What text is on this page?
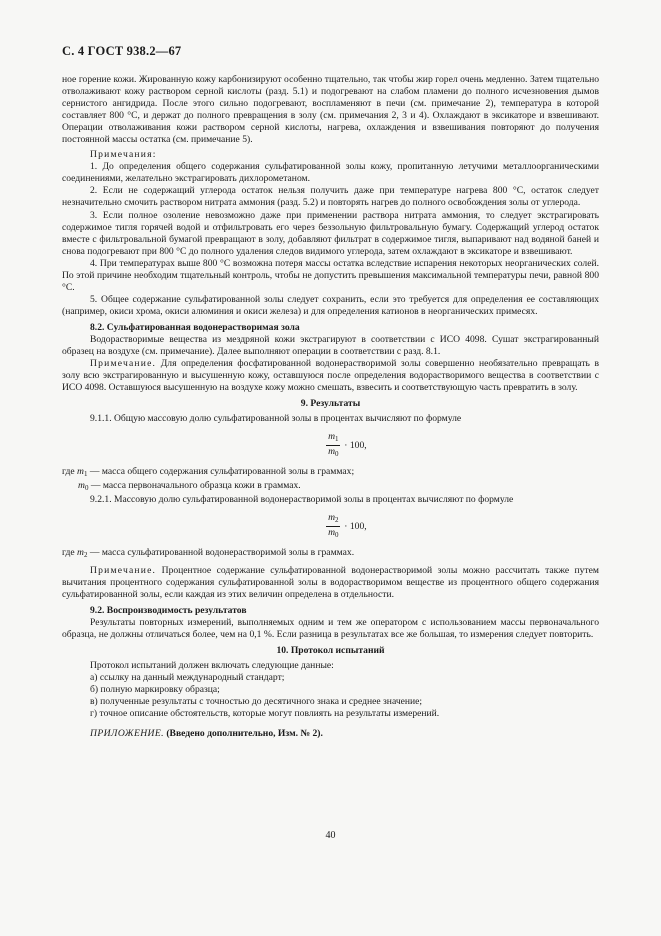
С. 4 ГОСТ 938.2—67

ное горение кожи. Жированную кожу карбонизируют особенно тщательно, так чтобы жир горел очень медленно. Затем тщательно отволаживают кожу раствором серной кислоты (разд. 5.1) и подогревают на слабом пламени до полного исчезновения дымов сернистого ангидрида. После этого сильно подогревают, воспламеняют в печи (см. примечание 2), температура в которой составляет 800 °С, и держат до полного превращения в золу (см. примечания 2, 3 и 4). Охлаждают в эксикаторе и взвешивают. Операции отволаживания кожи раствором серной кислоты, нагрева, охлаждения и взвешивания повторяют до получения постоянной массы остатка (см. примечание 5).

Примечания:

1. До определения общего содержания сульфатированной золы кожу, пропитанную летучими металлоорганическими соединениями, желательно экстрагировать дихлорометаном.

2. Если не содержащий углерода остаток нельзя получить даже при температуре нагрева 800 °С, остаток следует незначительно смочить раствором нитрата аммония (разд. 5.2) и повторять нагрев до полного освобождения золы от углерода.

3. Если полное озоление невозможно даже при применении раствора нитрата аммония, то следует экстрагировать содержимое тигля горячей водой и отфильтровать его через беззольную фильтровальную бумагу. Содержащий углерод остаток вместе с фильтровальной бумагой превращают в золу, добавляют фильтрат в содержимое тигля, выпаривают над водяной баней и снова подогревают при 800 °С до полного удаления следов видимого углерода, затем охлаждают в эксикаторе и взвешивают.

4. При температурах выше 800 °С возможна потеря массы остатка вследствие испарения некоторых неорганических солей. По этой причине необходим тщательный контроль, чтобы не допустить превышения максимальной температуры печи, равной 800 °С.

5. Общее содержание сульфатированной золы следует сохранить, если это требуется для определения ее составляющих (например, окиси хрома, окиси алюминия и окиси железа) и для определения катионов в неорганических примесях.

8.2. Сульфатированная водонерастворимая зола

Водорастворимые вещества из мездряной кожи экстрагируют в соответствии с ИСО 4098. Сушат экстрагированный образец на воздухе (см. примечание). Далее выполняют операции в соответствии с разд. 8.1.

Примечание. Для определения фосфатированной водонерастворимой золы совершенно необязательно превращать в золу всю экстрагированную и высушенную кожу, оставшуюся после определения водорастворимого вещества в соответствии с ИСО 4098. Оставшуюся высушенную на воздухе кожу можно смешать, взвесить и соответствующую часть превратить в золу.

9. Результаты

9.1.1. Общую массовую долю сульфатированной золы в процентах вычисляют по формуле

$\frac{m_1}{m_0} \cdot 100$,

где $m_1$ — масса общего содержания сульфатированной золы в граммах;

$m_0$ — масса первоначального образца кожи в граммах.

9.2.1. Массовую долю сульфатированной водонерастворимой золы в процентах вычисляют по формуле

$\frac{m_2}{m_0} \cdot 100$,

где $m_2$ — масса сульфатированной водонерастворимой золы в граммах.

Примечание. Процентное содержание сульфатированной водонерастворимой золы можно рассчитать также путем вычитания процентного содержания сульфатированной золы в водорастворимом веществе из процентного общего содержания сульфатированной золы, если каждая из этих величин определена в отдельности.

9.2. Воспроизводимость результатов

Результаты повторных измерений, выполняемых одним и тем же оператором с использованием массы первоначального образца, не должны отличаться более, чем на 0,1 %. Если разница в результатах все же большая, то измерения следует повторить.

10. Протокол испытаний

Протокол испытаний должен включать следующие данные:

а) ссылку на данный международный стандарт;

б) полную маркировку образца;

в) полученные результаты с точностью до десятичного знака и среднее значение;

г) точное описание обстоятельств, которые могут повлиять на результаты измерений.

ПРИЛОЖЕНИЕ. (Введено дополнительно, Изм. № 2).

40
